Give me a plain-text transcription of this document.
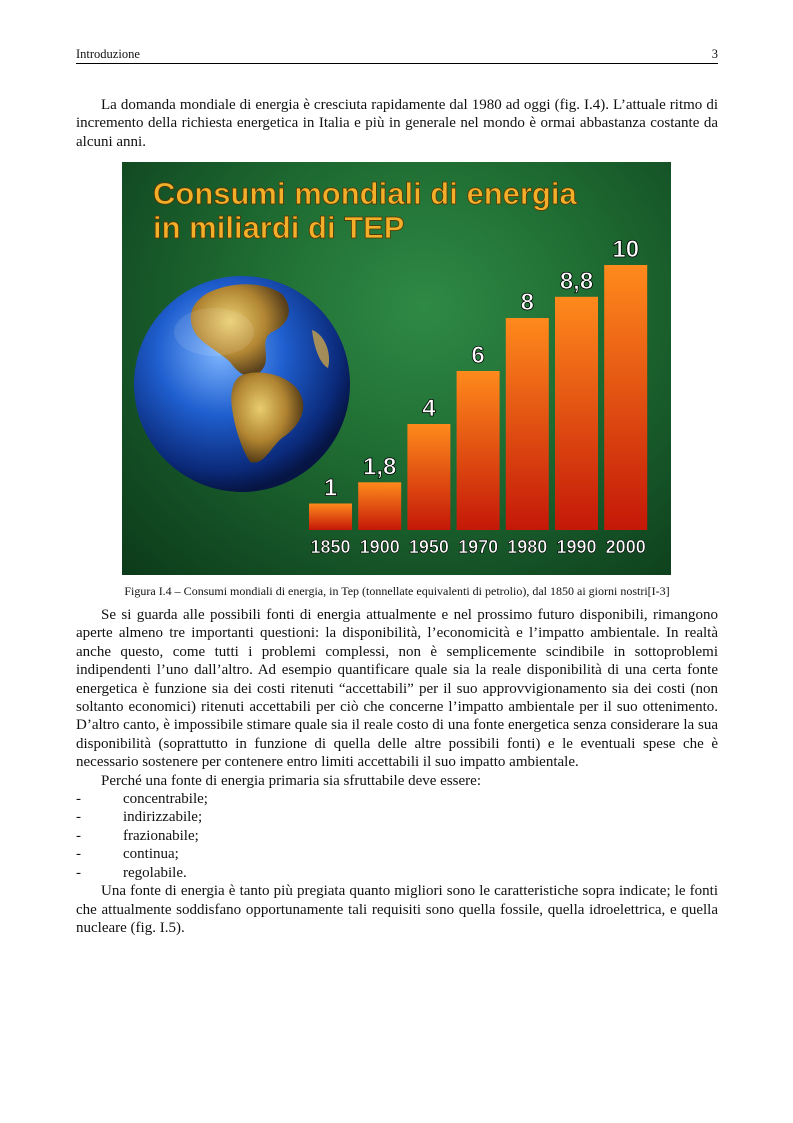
Introduzione	3

La domanda mondiale di energia è cresciuta rapidamente dal 1980 ad oggi (fig. I.4). L’attuale ritmo di incremento della richiesta energetica in Italia e più in generale nel mondo è ormai abbastanza costante da alcuni anni.

Consumi mondiali di energia
in miliardi di TEP
1
1850
1,8
1900
4
1950
6
1970
8
1980
8,8
1990
10
2000
Figura I.4 – Consumi mondiali di energia, in Tep (tonnellate equivalenti di petrolio), dal 1850 ai giorni nostri[I-3]

Se si guarda alle possibili fonti di energia attualmente e nel prossimo futuro disponibili, rimangono aperte almeno tre importanti questioni: la disponibilità, l’economicità e l’impatto ambientale. In realtà anche questo, come tutti i problemi complessi, non è semplicemente scindibile in sottoproblemi indipendenti l’uno dall’altro. Ad esempio quantificare quale sia la reale disponibilità di una certa fonte energetica è funzione sia dei costi ritenuti “accettabili” per il suo approvvigionamento sia dei costi (non soltanto economici) ritenuti accettabili per ciò che concerne l’impatto ambientale per il suo ottenimento. D’altro canto, è impossibile stimare quale sia il reale costo di una fonte energetica senza considerare la sua disponibilità (soprattutto in funzione di quella delle altre possibili fonti) e le eventuali spese che è necessario sostenere per contenere entro limiti accettabili il suo impatto ambientale.

Perché una fonte di energia primaria sia sfruttabile deve essere:

-	concentrabile;
-	indirizzabile;
-	frazionabile;
-	continua;
-	regolabile.

Una fonte di energia è tanto più pregiata quanto migliori sono le caratteristiche sopra indicate; le fonti che attualmente soddisfano opportunamente tali requisiti sono quella fossile, quella idroelettrica, e quella nucleare (fig. I.5).
